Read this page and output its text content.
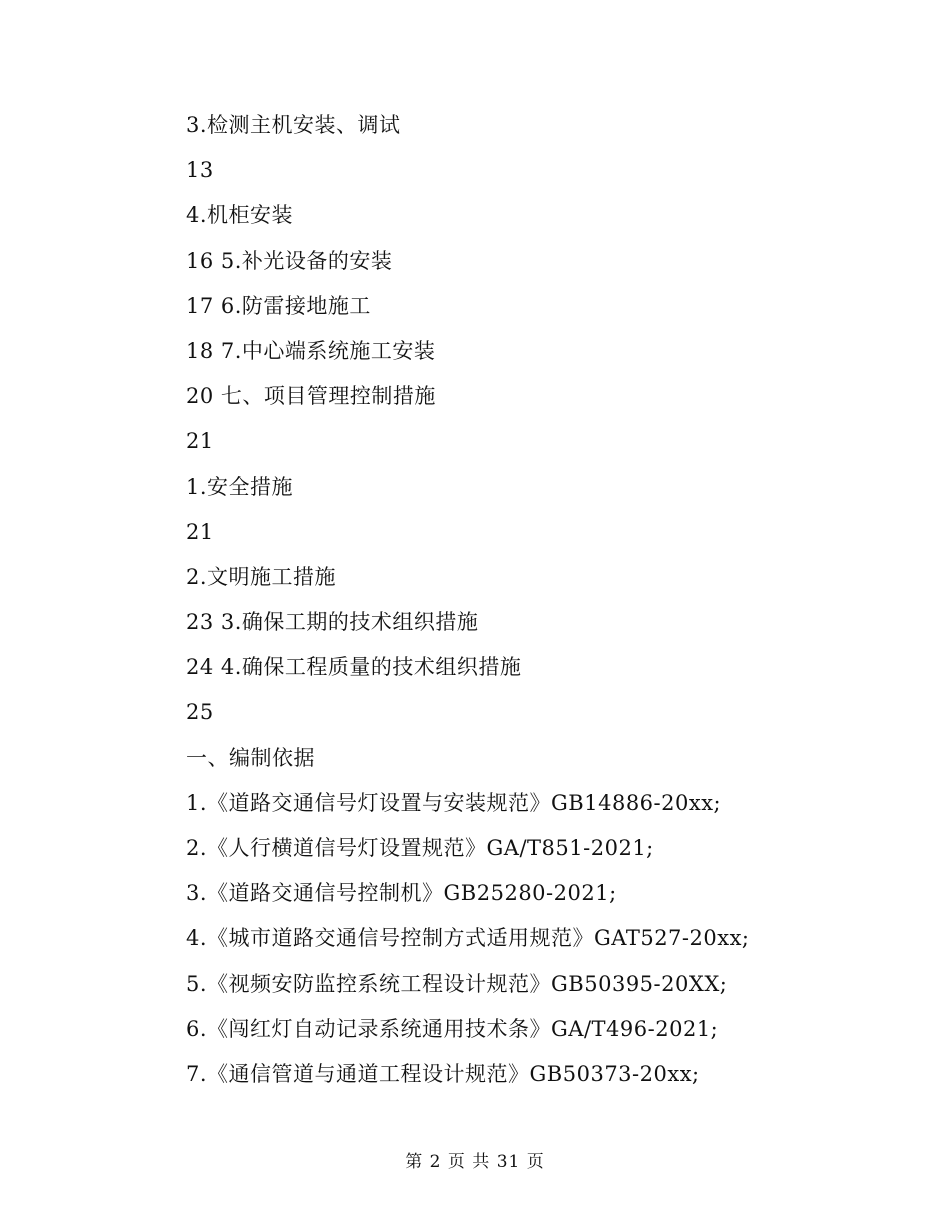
3.检测主机安装、调试
13
4.机柜安装
16 5.补光设备的安装
17 6.防雷接地施工
18 7.中心端系统施工安装
20 七、项目管理控制措施
21
1.安全措施
21
2.文明施工措施
23 3.确保工期的技术组织措施
24 4.确保工程质量的技术组织措施
25
一、编制依据
1.《道路交通信号灯设置与安装规范》GB14886-20xx;
2.《人行横道信号灯设置规范》GA/T851-2021;
3.《道路交通信号控制机》GB25280-2021;
4.《城市道路交通信号控制方式适用规范》GAT527-20xx;
5.《视频安防监控系统工程设计规范》GB50395-20XX;
6.《闯红灯自动记录系统通用技术条》GA/T496-2021;
7.《通信管道与通道工程设计规范》GB50373-20xx;
第 2 页 共 31 页
